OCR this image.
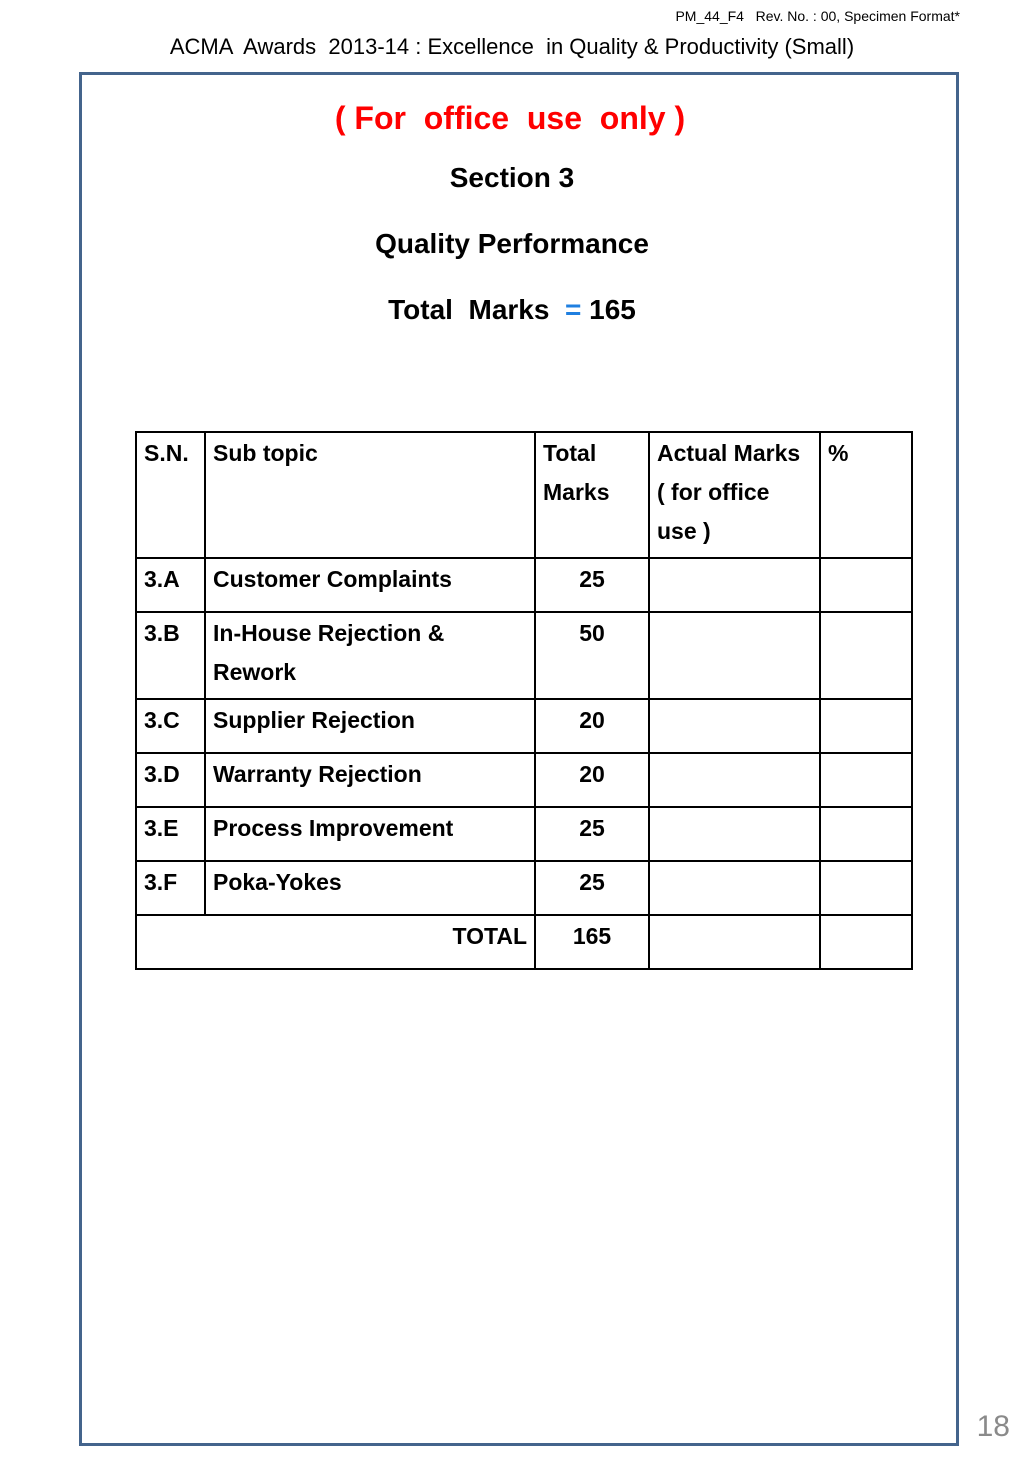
PM_44_F4   Rev. No. : 00, Specimen Format*
ACMA  Awards  2013-14 : Excellence  in Quality & Productivity (Small)
( For  office  use  only )
Section 3
Quality Performance
Total  Marks = 165
S.N.	Sub topic	Total Marks	Actual Marks ( for office use )	%
3.A	Customer Complaints	25		
3.B	In-House Rejection & Rework	50		
3.C	Supplier Rejection	20		
3.D	Warranty Rejection	20		
3.E	Process Improvement	25		
3.F	Poka-Yokes	25		
TOTAL		165		
18
